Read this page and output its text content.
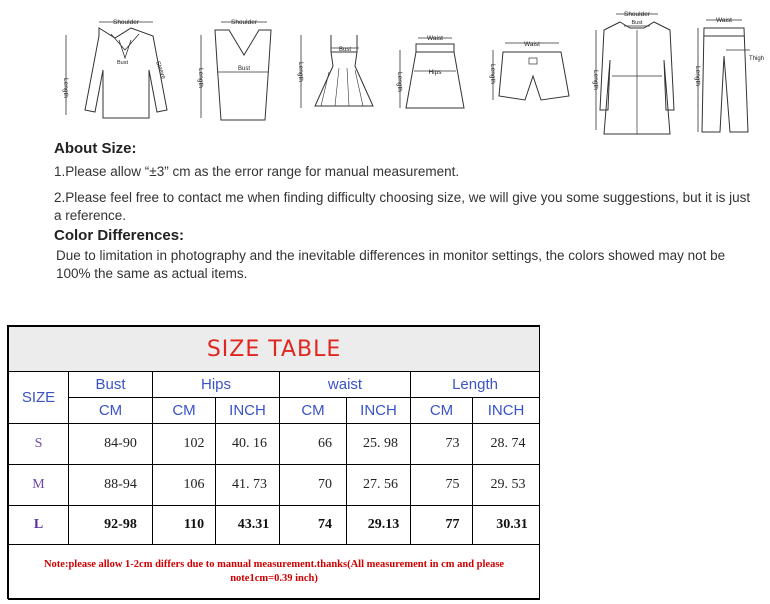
Shoulder
Length
Bust	Sleeve
Shoulder
Length	Bust	Length
Bust
Waist
Length	Hips
Waist
Length
Shoulder
Length
Bust	Waist
Length
Thigh
About Size:

1.Please allow “±3” cm as the error range for manual measurement.

2.Please feel free to contact me when finding difficulty choosing size, we will give you some suggestions, but it is just a reference.

Color Differences:

Due to limitation in photography and the inevitable differences in monitor settings, the colors showed may not be 100% the same as actual items.

SIZE TABLE							
SIZE	Bust	Hips		waist		Length	
	CM	CM	INCH	CM	INCH	CM	INCH
S	84-90	102	40. 16	66	25. 98	73	28. 74
M	88-94	106	41. 73	70	27. 56	75	29. 53
L	92-98	110	43.31	74	29.13	77	30.31
Note:please allow 1-2cm differs due to manual measurement.thanks(All measurement in cm and please note1cm=0.39 inch)							
